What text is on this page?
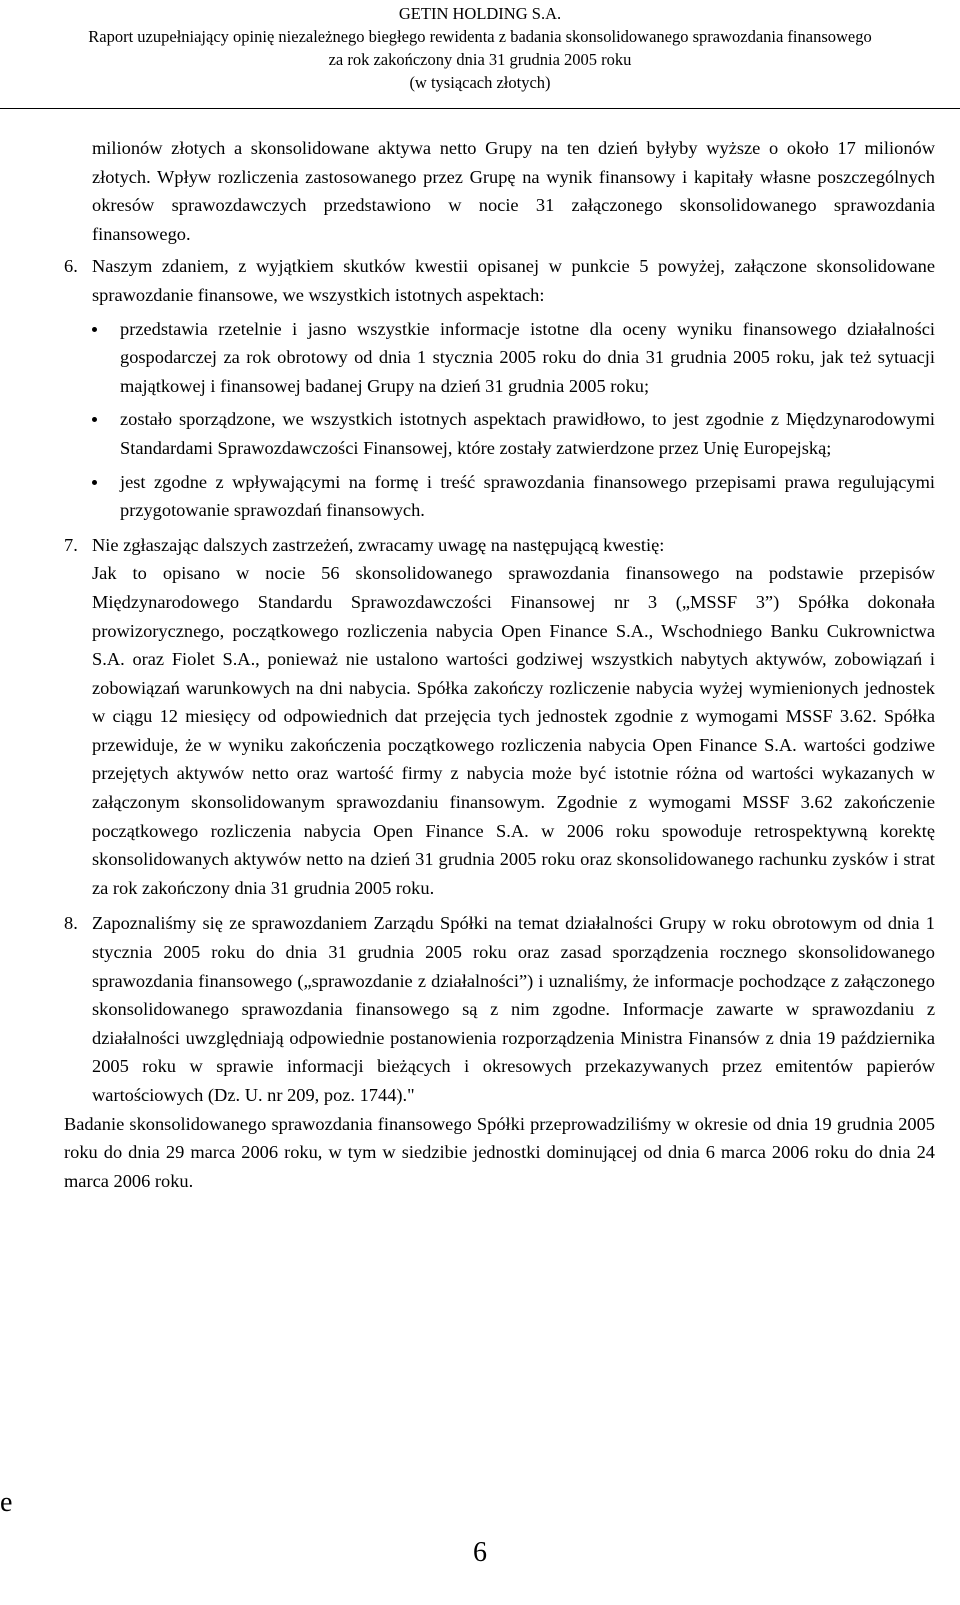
GETIN HOLDING S.A.
Raport uzupełniający opinię niezależnego biegłego rewidenta z badania skonsolidowanego sprawozdania finansowego
za rok zakończony dnia 31 grudnia 2005 roku
(w tysiącach złotych)

milionów złotych a skonsolidowane aktywa netto Grupy na ten dzień byłyby wyższe o około 17 milionów złotych. Wpływ rozliczenia zastosowanego przez Grupę na wynik finansowy i kapitały własne poszczególnych okresów sprawozdawczych przedstawiono w nocie 31 załączonego skonsolidowanego sprawozdania finansowego.

6. Naszym zdaniem, z wyjątkiem skutków kwestii opisanej w punkcie 5 powyżej, załączone skonsolidowane sprawozdanie finansowe, we wszystkich istotnych aspektach:

przedstawia rzetelnie i jasno wszystkie informacje istotne dla oceny wyniku finansowego działalności gospodarczej za rok obrotowy od dnia 1 stycznia 2005 roku do dnia 31 grudnia 2005 roku, jak też sytuacji majątkowej i finansowej badanej Grupy na dzień 31 grudnia 2005 roku;
zostało sporządzone, we wszystkich istotnych aspektach prawidłowo, to jest zgodnie z Międzynarodowymi Standardami Sprawozdawczości Finansowej, które zostały zatwierdzone przez Unię Europejską;
jest zgodne z wpływającymi na formę i treść sprawozdania finansowego przepisami prawa regulującymi przygotowanie sprawozdań finansowych.
7. Nie zgłaszając dalszych zastrzeżeń, zwracamy uwagę na następującą kwestię:

Jak to opisano w nocie 56 skonsolidowanego sprawozdania finansowego na podstawie przepisów Międzynarodowego Standardu Sprawozdawczości Finansowej nr 3 („MSSF 3”) Spółka dokonała prowizorycznego, początkowego rozliczenia nabycia Open Finance S.A., Wschodniego Banku Cukrownictwa S.A. oraz Fiolet S.A., ponieważ nie ustalono wartości godziwej wszystkich nabytych aktywów, zobowiązań i zobowiązań warunkowych na dni nabycia. Spółka zakończy rozliczenie nabycia wyżej wymienionych jednostek w ciągu 12 miesięcy od odpowiednich dat przejęcia tych jednostek zgodnie z wymogami MSSF 3.62. Spółka przewiduje, że w wyniku zakończenia początkowego rozliczenia nabycia Open Finance S.A. wartości godziwe przejętych aktywów netto oraz wartość firmy z nabycia może być istotnie różna od wartości wykazanych w załączonym skonsolidowanym sprawozdaniu finansowym. Zgodnie z wymogami MSSF 3.62 zakończenie początkowego rozliczenia nabycia Open Finance S.A. w 2006 roku spowoduje retrospektywną korektę skonsolidowanych aktywów netto na dzień 31 grudnia 2005 roku oraz skonsolidowanego rachunku zysków i strat za rok zakończony dnia 31 grudnia 2005 roku.

8. Zapoznaliśmy się ze sprawozdaniem Zarządu Spółki na temat działalności Grupy w roku obrotowym od dnia 1 stycznia 2005 roku do dnia 31 grudnia 2005 roku oraz zasad sporządzenia rocznego skonsolidowanego sprawozdania finansowego („sprawozdanie z działalności”) i uznaliśmy, że informacje pochodzące z załączonego skonsolidowanego sprawozdania finansowego są z nim zgodne. Informacje zawarte w sprawozdaniu z działalności uwzględniają odpowiednie postanowienia rozporządzenia Ministra Finansów z dnia 19 października 2005 roku w sprawie informacji bieżących i okresowych przekazywanych przez emitentów papierów wartościowych (Dz. U. nr 209, poz. 1744)."

Badanie skonsolidowanego sprawozdania finansowego Spółki przeprowadziliśmy w okresie od dnia 19 grudnia 2005 roku do dnia 29 marca 2006 roku, w tym w siedzibie jednostki dominującej od dnia 6 marca 2006 roku do dnia 24 marca 2006 roku.

e
6
